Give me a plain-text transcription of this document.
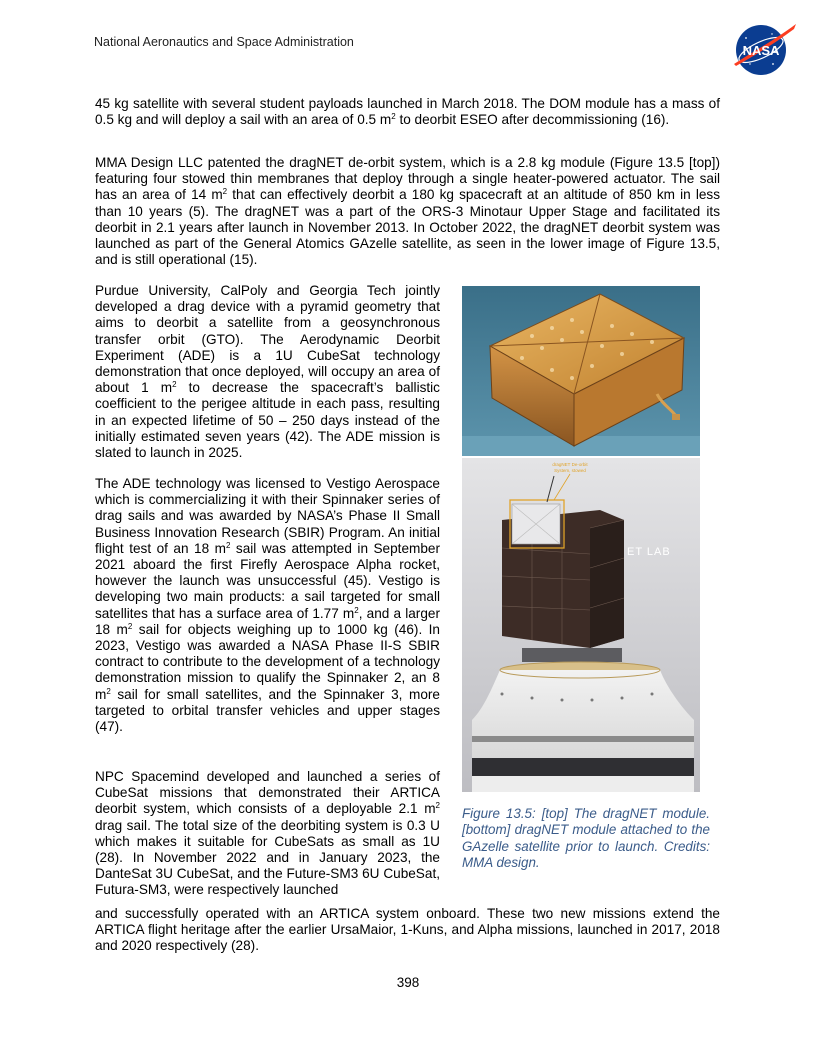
National Aeronautics and Space Administration
NASA

45 kg satellite with several student payloads launched in March 2018. The DOM module has a mass of 0.5 kg and will deploy a sail with an area of 0.5 $m^2$ to deorbit ESEO after decommissioning (16).

MMA Design LLC patented the dragNET de-orbit system, which is a 2.8 kg module (Figure 13.5 [top]) featuring four stowed thin membranes that deploy through a single heater-powered actuator. The sail has an area of 14 $m^2$ that can effectively deorbit a 180 kg spacecraft at an altitude of 850 km in less than 10 years (5). The dragNET was a part of the ORS-3 Minotaur Upper Stage and facilitated its deorbit in 2.1 years after launch in November 2013. In October 2022, the dragNET deorbit system was launched as part of the General Atomics GAzelle satellite, as seen in the lower image of Figure 13.5, and is still operational (15).

Purdue University, CalPoly and Georgia Tech jointly developed a drag device with a pyramid geometry that aims to deorbit a satellite from a geosynchronous transfer orbit (GTO). The Aerodynamic Deorbit Experiment (ADE) is a 1U CubeSat technology demonstration that once deployed, will occupy an area of about 1 $m^2$ to decrease the spacecraft’s ballistic coefficient to the perigee altitude in each pass, resulting in an expected lifetime of 50 – 250 days instead of the initially estimated seven years (42). The ADE mission is slated to launch in 2025.

The ADE technology was licensed to Vestigo Aerospace which is commercializing it with their Spinnaker series of drag sails and was awarded by NASA’s Phase II Small Business Innovation Research (SBIR) Program. An initial flight test of an 18 $m^2$ sail was attempted in September 2021 aboard the first Firefly Aerospace Alpha rocket, however the launch was unsuccessful (45). Vestigo is developing two main products: a sail targeted for small satellites that has a surface area of 1.77 $m^2$, and a larger 18 $m^2$ sail for objects weighing up to 1000 kg (46). In 2023, Vestigo was awarded a NASA Phase II-S SBIR contract to contribute to the development of a technology demonstration mission to qualify the Spinnaker 2, an 8 $m^2$ sail for small satellites, and the Spinnaker 3, more targeted to orbital transfer vehicles and upper stages (47).

NPC Spacemind developed and launched a series of CubeSat missions that demonstrated their ARTICA deorbit system, which consists of a deployable 2.1 $m^2$ drag sail. The total size of the deorbiting system is 0.3 U which makes it suitable for CubeSats as small as 1U (28). In November 2022 and in January 2023, the DanteSat 3U CubeSat, and the Future-SM3 6U CubeSat, Futura-SM3, were respectively launched

and successfully operated with an ARTICA system onboard. These two new missions extend the ARTICA flight heritage after the earlier UrsaMaior, 1-Kuns, and Alpha missions, launched in 2017, 2018 and 2020 respectively (28).

ET LAB
dragNET De-orbit
System, stowed

Figure 13.5: [top] The dragNET module. [bottom] dragNET module attached to the GAzelle satellite prior to launch. Credits: MMA design.

398
